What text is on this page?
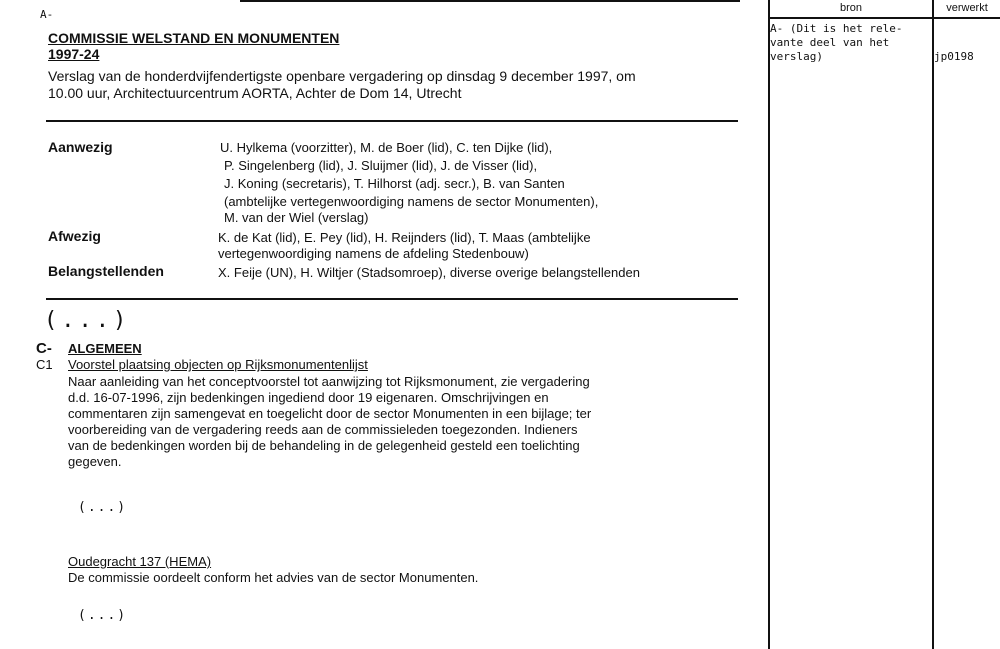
A-
COMMISSIE WELSTAND EN MONUMENTEN
1997-24
Verslag van de honderdvijfendertigste openbare vergadering op dinsdag 9 december 1997, om
10.00 uur, Architectuurcentrum AORTA, Achter de Dom 14, Utrecht
Aanwezig	U. Hylkema (voorzitter), M. de Boer (lid), C. ten Dijke (lid),
P. Singelenberg (lid), J. Sluijmer (lid), J. de Visser (lid),
J. Koning (secretaris), T. Hilhorst (adj. secr.), B. van Santen
(ambtelijke vertegenwoordiging namens de sector Monumenten),
M. van der Wiel (verslag)
Afwezig	K. de Kat (lid), E. Pey (lid), H. Reijnders (lid), T. Maas (ambtelijke
vertegenwoordiging namens de afdeling Stedenbouw)
Belangstellenden	X. Feije (UN), H. Wiltjer (Stadsomroep), diverse overige belangstellenden
(...)
C- ALGEMEEN
C1 Voorstel plaatsing objecten op Rijksmonumentenlijst
Naar aanleiding van het conceptvoorstel tot aanwijzing tot Rijksmonument, zie vergadering
d.d. 16-07-1996, zijn bedenkingen ingediend door 19 eigenaren. Omschrijvingen en
commentaren zijn samengevat en toegelicht door de sector Monumenten in een bijlage; ter
voorbereiding van de vergadering reeds aan de commissieleden toegezonden. Indieners
van de bedenkingen worden bij de behandeling in de gelegenheid gesteld een toelichting
gegeven.
(...)
Oudegracht 137 (HEMA)
De commissie oordeelt conform het advies van de sector Monumenten.
(...)
bron	verwerkt
A- (Dit is het rele-
vante deel van het
verslag)	jp0198
